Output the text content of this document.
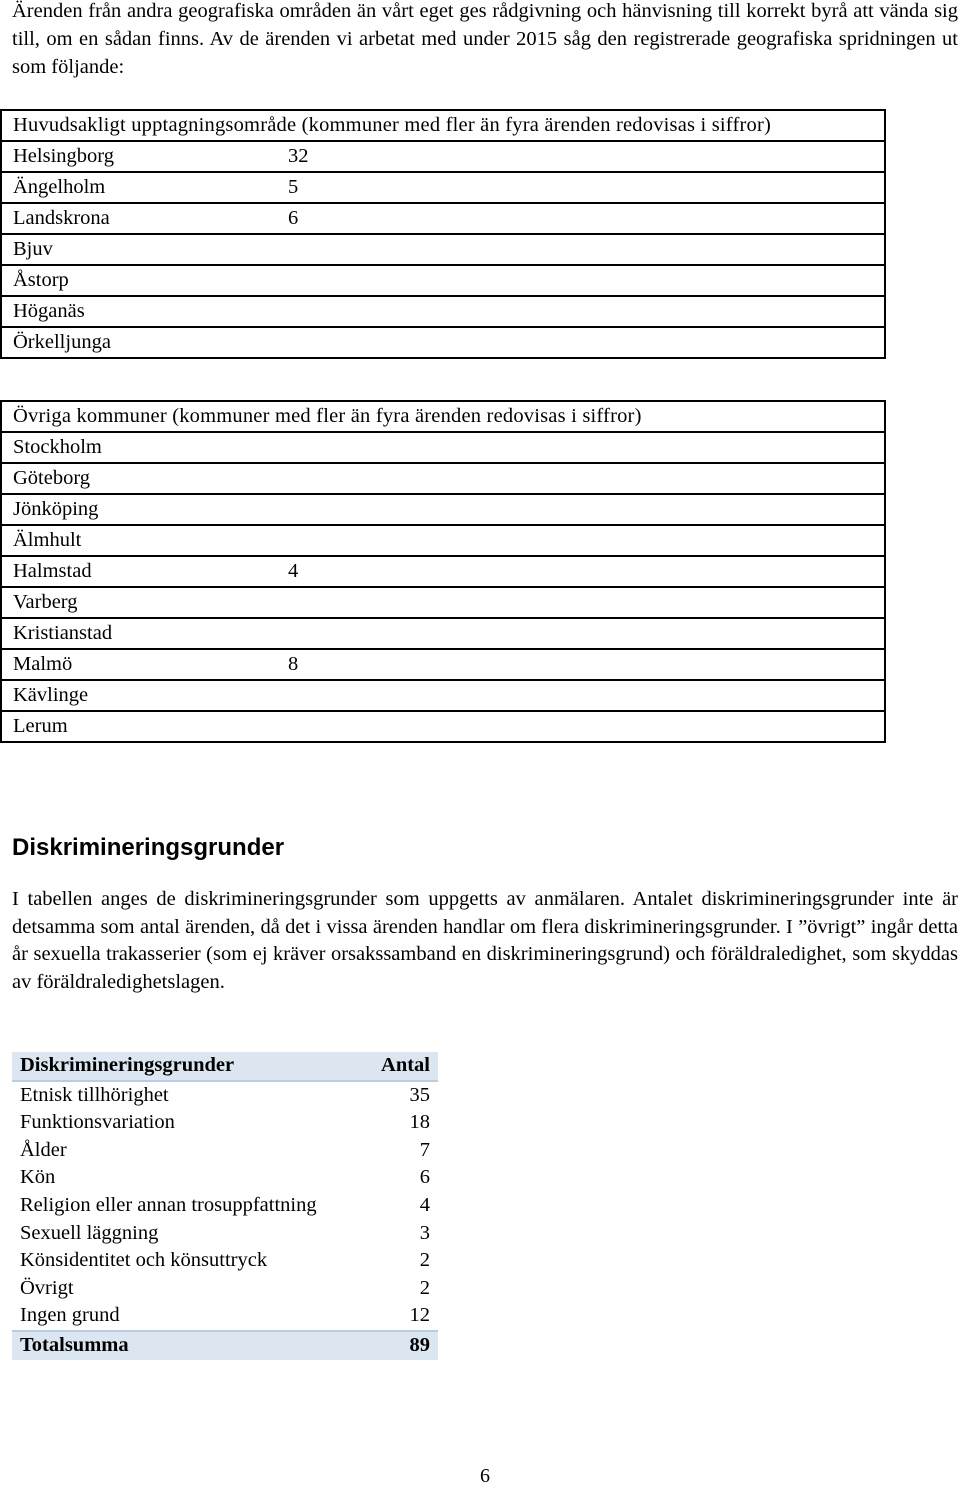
Ärenden från andra geografiska områden än vårt eget ges rådgivning och hänvisning till korrekt byrå att vända sig till, om en sådan finns. Av de ärenden vi arbetat med under 2015 såg den registrerade geografiska spridningen ut som följande:

Huvudsakligt upptagningsområde (kommuner med fler än fyra ärenden redovisas i siffror)
Helsingborg	32
Ängelholm	5
Landskrona	6
Bjuv
Åstorp
Höganäs
Örkelljunga
Övriga kommuner (kommuner med fler än fyra ärenden redovisas i siffror)
Stockholm
Göteborg
Jönköping
Älmhult
Halmstad	4
Varberg
Kristianstad
Malmö	8
Kävlinge
Lerum
Diskrimineringsgrunder

I tabellen anges de diskrimineringsgrunder som uppgetts av anmälaren. Antalet diskrimineringsgrunder inte är detsamma som antal ärenden, då det i vissa ärenden handlar om flera diskrimineringsgrunder. I ”övrigt” ingår detta år sexuella trakasserier (som ej kräver orsakssamband en diskrimineringsgrund) och föräldraledighet, som skyddas av föräldraledighetslagen.

Diskrimineringsgrunder	Antal
Etnisk tillhörighet	35
Funktionsvariation	18
Ålder	7
Kön	6
Religion eller annan trosuppfattning	4
Sexuell läggning	3
Könsidentitet och könsuttryck	2
Övrigt	2
Ingen grund	12
Totalsumma	89
6
